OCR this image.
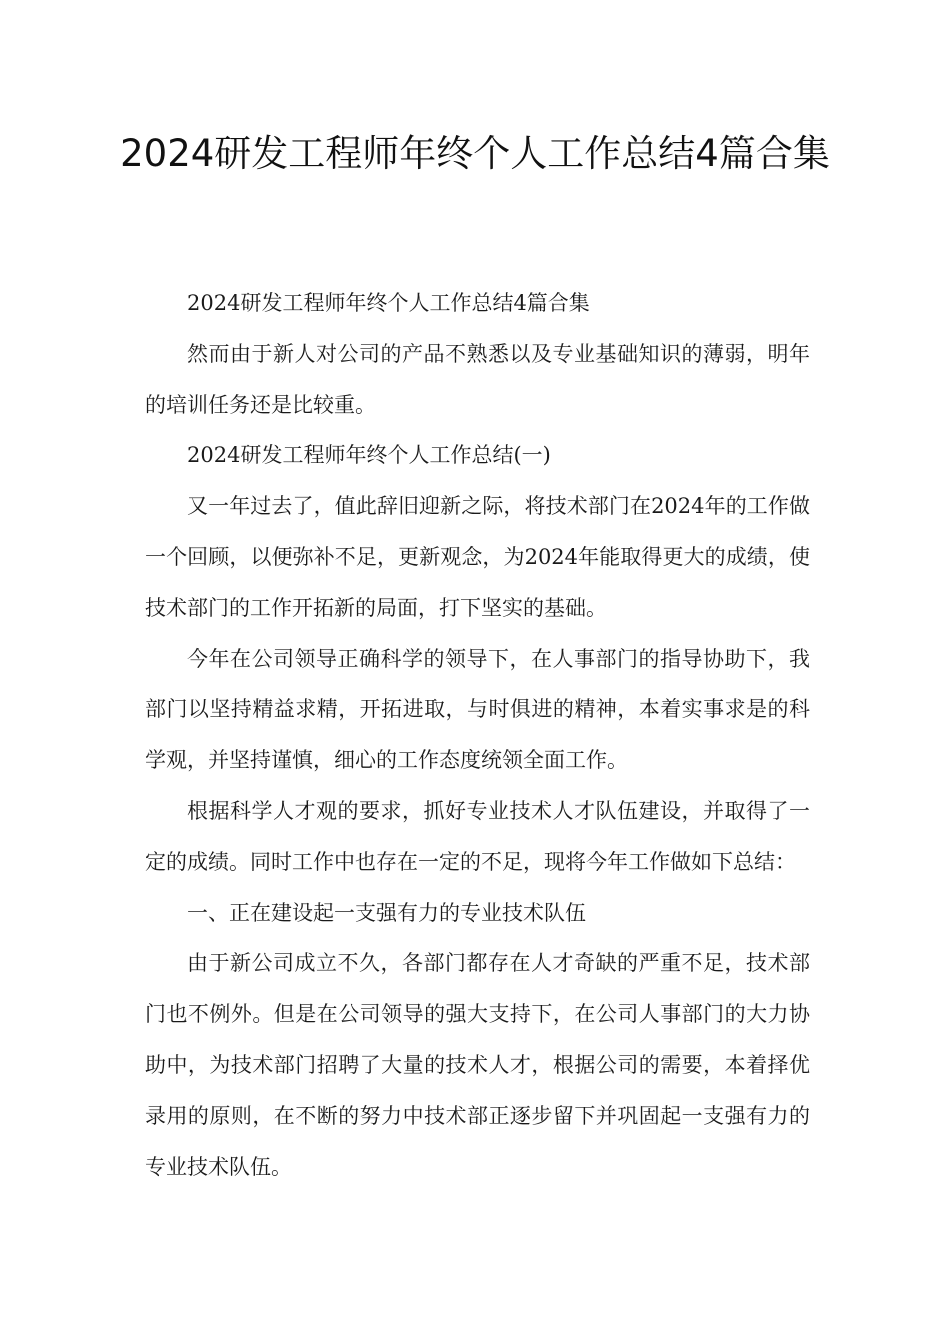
2024研发工程师年终个人工作总结4篇合集

2024研发工程师年终个人工作总结4篇合集

然而由于新人对公司的产品不熟悉以及专业基础知识的薄弱，明年的培训任务还是比较重。

2024研发工程师年终个人工作总结(一)

又一年过去了，值此辞旧迎新之际，将技术部门在2024年的工作做一个回顾，以便弥补不足，更新观念，为2024年能取得更大的成绩，使技术部门的工作开拓新的局面，打下坚实的基础。

今年在公司领导正确科学的领导下，在人事部门的指导协助下，我部门以坚持精益求精，开拓进取，与时俱进的精神，本着实事求是的科学观，并坚持谨慎，细心的工作态度统领全面工作。

根据科学人才观的要求，抓好专业技术人才队伍建设，并取得了一定的成绩。同时工作中也存在一定的不足，现将今年工作做如下总结：

一、正在建设起一支强有力的专业技术队伍

由于新公司成立不久，各部门都存在人才奇缺的严重不足，技术部门也不例外。但是在公司领导的强大支持下，在公司人事部门的大力协助中，为技术部门招聘了大量的技术人才，根据公司的需要，本着择优录用的原则，在不断的努力中技术部正逐步留下并巩固起一支强有力的专业技术队伍。
